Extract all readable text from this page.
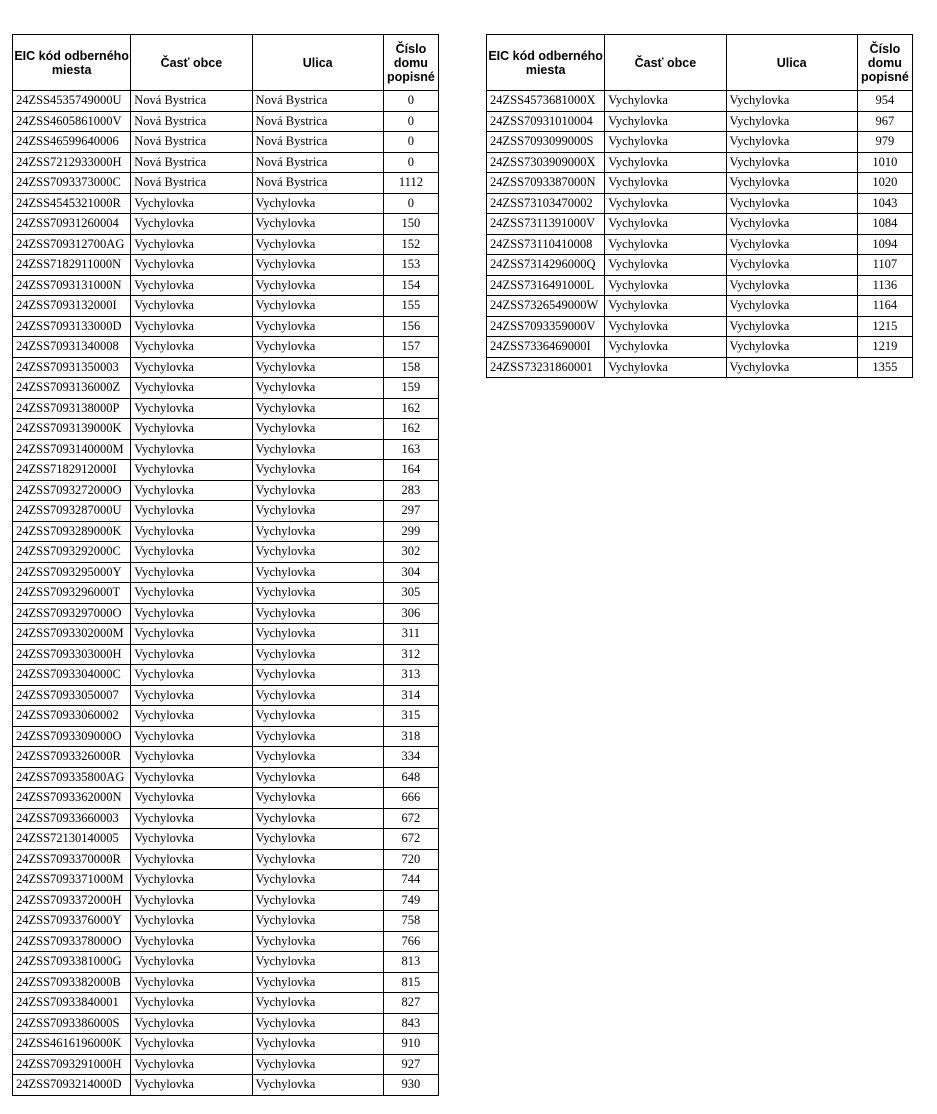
EIC kód odberného miesta	Časť obce	Ulica	Číslo domu popisné
24ZSS4535749000U	Nová Bystrica	Nová Bystrica	0
24ZSS4605861000V	Nová Bystrica	Nová Bystrica	0
24ZSS46599640006	Nová Bystrica	Nová Bystrica	0
24ZSS7212933000H	Nová Bystrica	Nová Bystrica	0
24ZSS7093373000C	Nová Bystrica	Nová Bystrica	1112
24ZSS4545321000R	Vychylovka	Vychylovka	0
24ZSS70931260004	Vychylovka	Vychylovka	150
24ZSS709312700AG	Vychylovka	Vychylovka	152
24ZSS7182911000N	Vychylovka	Vychylovka	153
24ZSS7093131000N	Vychylovka	Vychylovka	154
24ZSS7093132000I	Vychylovka	Vychylovka	155
24ZSS7093133000D	Vychylovka	Vychylovka	156
24ZSS70931340008	Vychylovka	Vychylovka	157
24ZSS70931350003	Vychylovka	Vychylovka	158
24ZSS7093136000Z	Vychylovka	Vychylovka	159
24ZSS7093138000P	Vychylovka	Vychylovka	162
24ZSS7093139000K	Vychylovka	Vychylovka	162
24ZSS7093140000M	Vychylovka	Vychylovka	163
24ZSS7182912000I	Vychylovka	Vychylovka	164
24ZSS7093272000O	Vychylovka	Vychylovka	283
24ZSS7093287000U	Vychylovka	Vychylovka	297
24ZSS7093289000K	Vychylovka	Vychylovka	299
24ZSS7093292000C	Vychylovka	Vychylovka	302
24ZSS7093295000Y	Vychylovka	Vychylovka	304
24ZSS7093296000T	Vychylovka	Vychylovka	305
24ZSS7093297000O	Vychylovka	Vychylovka	306
24ZSS7093302000M	Vychylovka	Vychylovka	311
24ZSS7093303000H	Vychylovka	Vychylovka	312
24ZSS7093304000C	Vychylovka	Vychylovka	313
24ZSS70933050007	Vychylovka	Vychylovka	314
24ZSS70933060002	Vychylovka	Vychylovka	315
24ZSS7093309000O	Vychylovka	Vychylovka	318
24ZSS7093326000R	Vychylovka	Vychylovka	334
24ZSS709335800AG	Vychylovka	Vychylovka	648
24ZSS7093362000N	Vychylovka	Vychylovka	666
24ZSS70933660003	Vychylovka	Vychylovka	672
24ZSS72130140005	Vychylovka	Vychylovka	672
24ZSS7093370000R	Vychylovka	Vychylovka	720
24ZSS7093371000M	Vychylovka	Vychylovka	744
24ZSS7093372000H	Vychylovka	Vychylovka	749
24ZSS7093376000Y	Vychylovka	Vychylovka	758
24ZSS7093378000O	Vychylovka	Vychylovka	766
24ZSS7093381000G	Vychylovka	Vychylovka	813
24ZSS7093382000B	Vychylovka	Vychylovka	815
24ZSS70933840001	Vychylovka	Vychylovka	827
24ZSS7093386000S	Vychylovka	Vychylovka	843
24ZSS4616196000K	Vychylovka	Vychylovka	910
24ZSS7093291000H	Vychylovka	Vychylovka	927
24ZSS7093214000D	Vychylovka	Vychylovka	930
EIC kód odberného miesta	Časť obce	Ulica	Číslo domu popisné
24ZSS4573681000X	Vychylovka	Vychylovka	954
24ZSS70931010004	Vychylovka	Vychylovka	967
24ZSS7093099000S	Vychylovka	Vychylovka	979
24ZSS7303909000X	Vychylovka	Vychylovka	1010
24ZSS7093387000N	Vychylovka	Vychylovka	1020
24ZSS73103470002	Vychylovka	Vychylovka	1043
24ZSS7311391000V	Vychylovka	Vychylovka	1084
24ZSS73110410008	Vychylovka	Vychylovka	1094
24ZSS7314296000Q	Vychylovka	Vychylovka	1107
24ZSS7316491000L	Vychylovka	Vychylovka	1136
24ZSS7326549000W	Vychylovka	Vychylovka	1164
24ZSS7093359000V	Vychylovka	Vychylovka	1215
24ZSS7336469000I	Vychylovka	Vychylovka	1219
24ZSS73231860001	Vychylovka	Vychylovka	1355
